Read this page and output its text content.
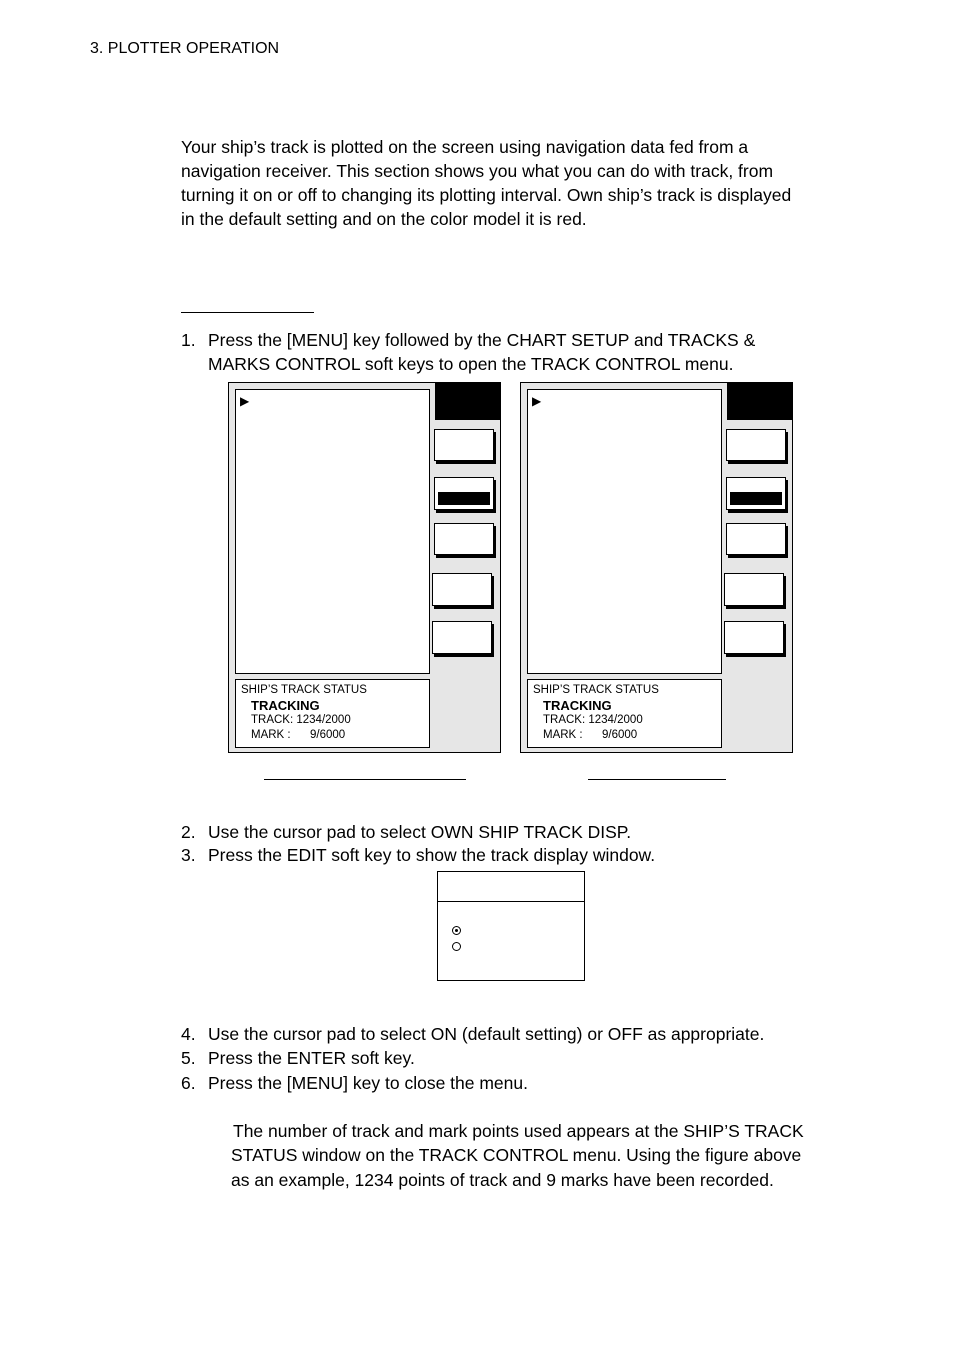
3. PLOTTER OPERATION
Your ship’s track is plotted on the screen using navigation data fed from a
navigation receiver. This section shows you what you can do with track, from
turning it on or off to changing its plotting interval. Own ship’s track is displayed
in the default setting and on the color model it is red.
1. Press the [MENU] key followed by the CHART SETUP and TRACKS &
MARKS CONTROL soft keys to open the TRACK CONTROL menu.
▶
SHIP’S TRACK STATUS
TRACKING
TRACK: 1234/2000
MARK : 9/6000
▶
SHIP’S TRACK STATUS
TRACKING
TRACK: 1234/2000
MARK : 9/6000
2. Use the cursor pad to select OWN SHIP TRACK DISP.
3. Press the EDIT soft key to show the track display window.
4. Use the cursor pad to select ON (default setting) or OFF as appropriate.
5. Press the ENTER soft key.
6. Press the [MENU] key to close the menu.
The number of track and mark points used appears at the SHIP’S TRACK
STATUS window on the TRACK CONTROL menu. Using the figure above
as an example, 1234 points of track and 9 marks have been recorded.
